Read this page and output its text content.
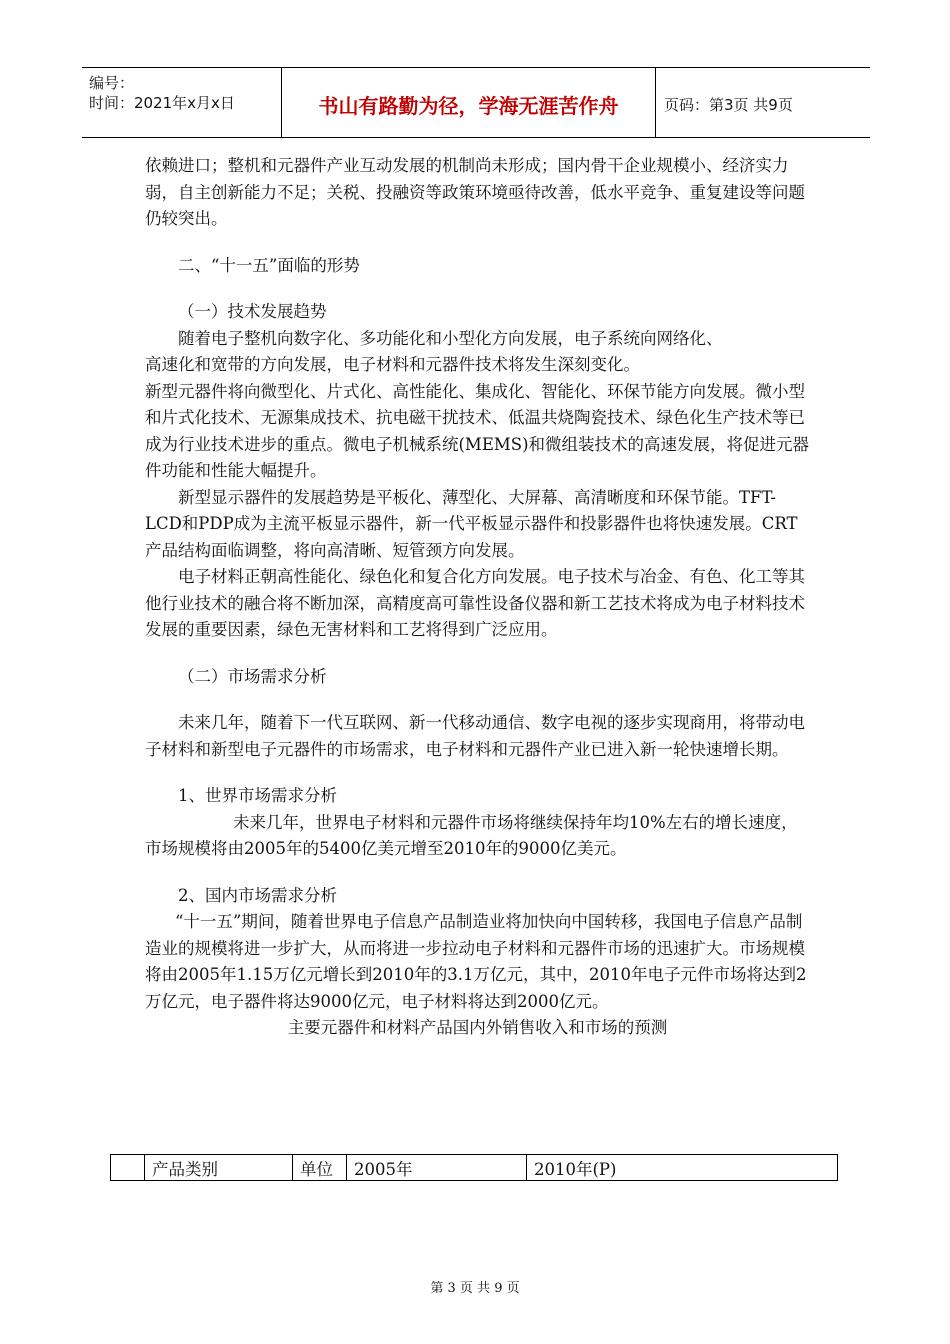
编号：
时间：2021年x月x日	书山有路勤为径，学海无涯苦作舟	页码：第3页 共9页

依赖进口；整机和元器件产业互动发展的机制尚未形成；国内骨干企业规模小、经济实力弱，自主创新能力不足；关税、投融资等政策环境亟待改善，低水平竞争、重复建设等问题仍较突出。

二、“十一五”面临的形势

（一）技术发展趋势

随着电子整机向数字化、多功能化和小型化方向发展，电子系统向网络化、

高速化和宽带的方向发展，电子材料和元器件技术将发生深刻变化。

新型元器件将向微型化、片式化、高性能化、集成化、智能化、环保节能方向发展。微小型和片式化技术、无源集成技术、抗电磁干扰技术、低温共烧陶瓷技术、绿色化生产技术等已成为行业技术进步的重点。微电子机械系统(MEMS)和微组装技术的高速发展，将促进元器件功能和性能大幅提升。

新型显示器件的发展趋势是平板化、薄型化、大屏幕、高清晰度和环保节能。TFT-LCD和PDP成为主流平板显示器件，新一代平板显示器件和投影器件也将快速发展。CRT产品结构面临调整，将向高清晰、短管颈方向发展。

电子材料正朝高性能化、绿色化和复合化方向发展。电子技术与冶金、有色、化工等其他行业技术的融合将不断加深，高精度高可靠性设备仪器和新工艺技术将成为电子材料技术发展的重要因素，绿色无害材料和工艺将得到广泛应用。

（二）市场需求分析

未来几年，随着下一代互联网、新一代移动通信、数字电视的逐步实现商用，将带动电子材料和新型电子元器件的市场需求，电子材料和元器件产业已进入新一轮快速增长期。

1、世界市场需求分析

未来几年，世界电子材料和元器件市场将继续保持年均10%左右的增长速度，市场规模将由2005年的5400亿美元增至2010年的9000亿美元。

2、国内市场需求分析

“十一五”期间，随着世界电子信息产品制造业将加快向中国转移，我国电子信息产品制造业的规模将进一步扩大，从而将进一步拉动电子材料和元器件市场的迅速扩大。市场规模将由2005年1.15万亿元增长到2010年的3.1万亿元，其中，2010年电子元件市场将达到2万亿元，电子器件将达9000亿元，电子材料将达到2000亿元。

主要元器件和材料产品国内外销售收入和市场的预测

	产品类别	单位	2005年	2010年(P)
第 3 页 共 9 页
